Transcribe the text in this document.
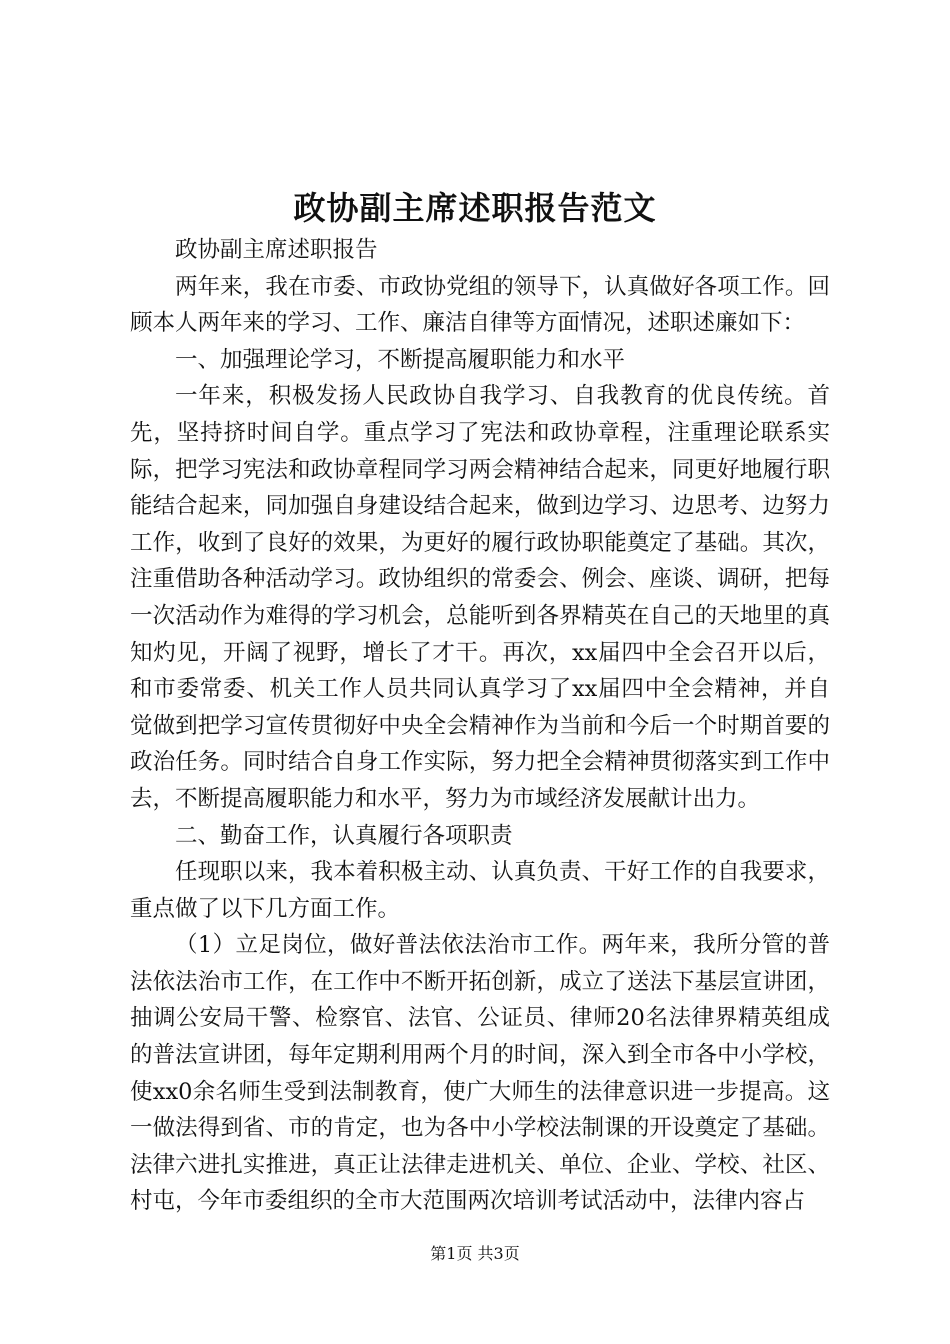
政协副主席述职报告范文

政协副主席述职报告

两年来，我在市委、市政协党组的领导下，认真做好各项工作。回顾本人两年来的学习、工作、廉洁自律等方面情况，述职述廉如下：

一、加强理论学习，不断提高履职能力和水平

一年来，积极发扬人民政协自我学习、自我教育的优良传统。首先，坚持挤时间自学。重点学习了宪法和政协章程，注重理论联系实际，把学习宪法和政协章程同学习两会精神结合起来，同更好地履行职能结合起来，同加强自身建设结合起来，做到边学习、边思考、边努力工作，收到了良好的效果，为更好的履行政协职能奠定了基础。其次，注重借助各种活动学习。政协组织的常委会、例会、座谈、调研，把每一次活动作为难得的学习机会，总能听到各界精英在自己的天地里的真知灼见，开阔了视野，增长了才干。再次，xx届四中全会召开以后，和市委常委、机关工作人员共同认真学习了xx届四中全会精神，并自觉做到把学习宣传贯彻好中央全会精神作为当前和今后一个时期首要的政治任务。同时结合自身工作实际，努力把全会精神贯彻落实到工作中去，不断提高履职能力和水平，努力为市域经济发展献计出力。

二、勤奋工作，认真履行各项职责

任现职以来，我本着积极主动、认真负责、干好工作的自我要求，重点做了以下几方面工作。

（1）立足岗位，做好普法依法治市工作。两年来，我所分管的普法依法治市工作，在工作中不断开拓创新，成立了送法下基层宣讲团，抽调公安局干警、检察官、法官、公证员、律师20名法律界精英组成的普法宣讲团，每年定期利用两个月的时间，深入到全市各中小学校，使xx0余名师生受到法制教育，使广大师生的法律意识进一步提高。这一做法得到省、市的肯定，也为各中小学校法制课的开设奠定了基础。法律六进扎实推进，真正让法律走进机关、单位、企业、学校、社区、村屯，今年市委组织的全市大范围两次培训考试活动中，法律内容占

第1页 共3页
